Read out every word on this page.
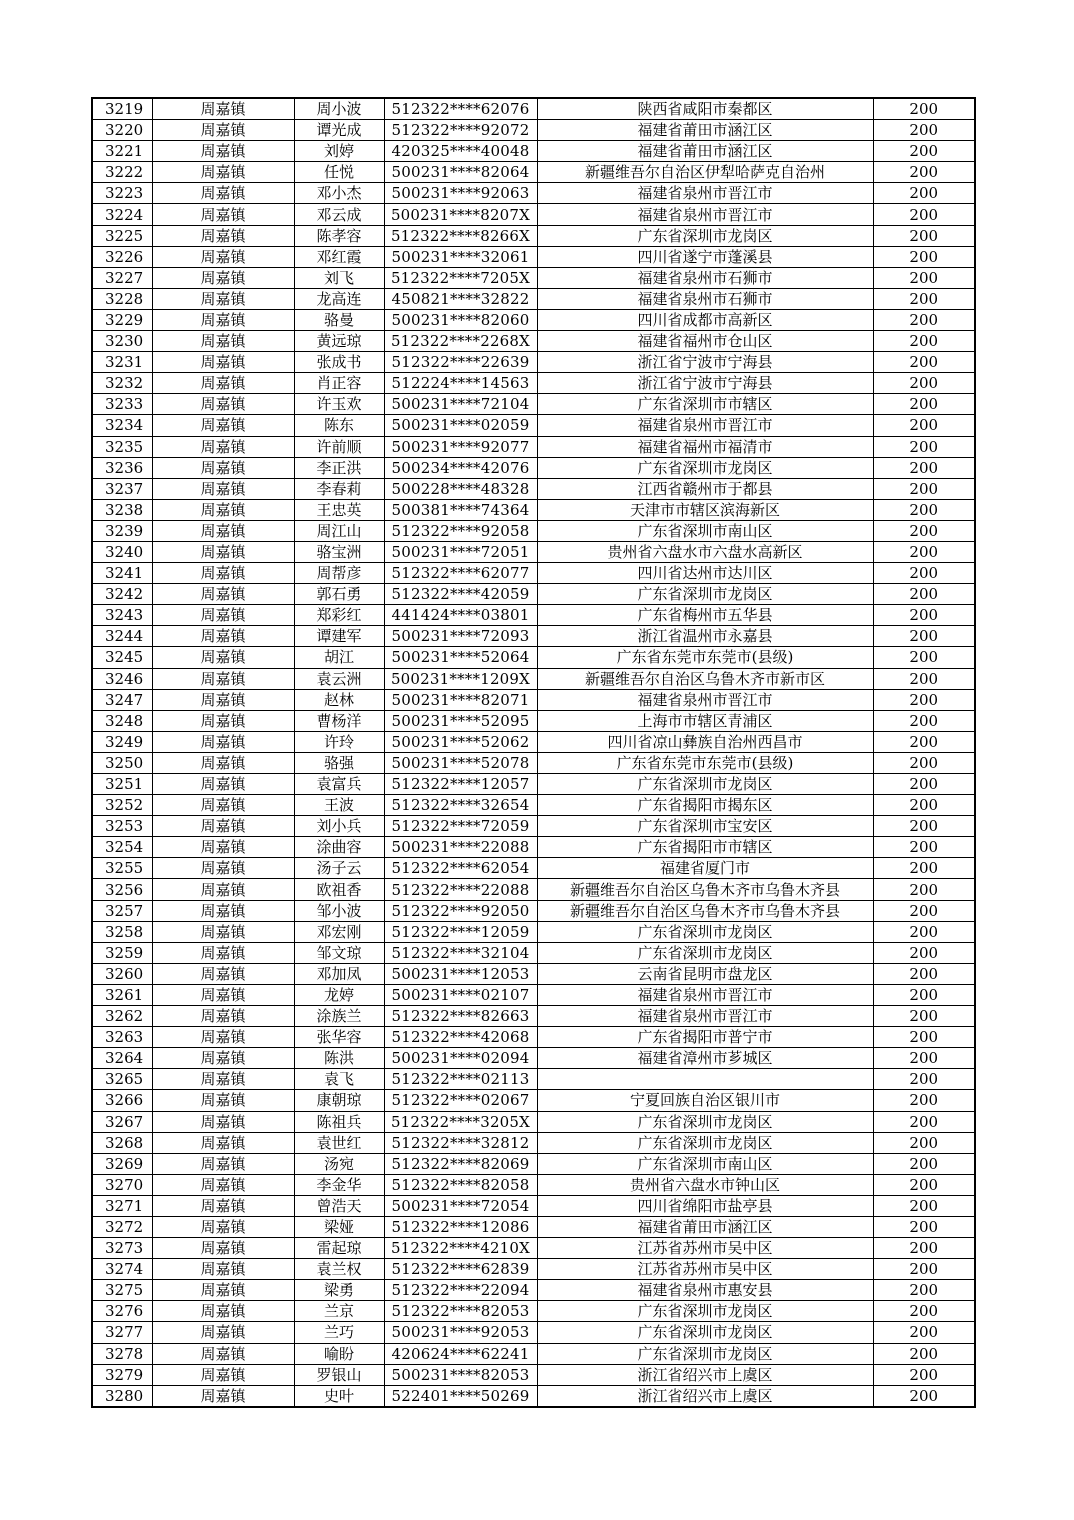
3219	周嘉镇	周小波	512322****62076	陕西省咸阳市秦都区	200
3220	周嘉镇	谭光成	512322****92072	福建省莆田市涵江区	200
3221	周嘉镇	刘婷	420325****40048	福建省莆田市涵江区	200
3222	周嘉镇	任悦	500231****82064	新疆维吾尔自治区伊犁哈萨克自治州	200
3223	周嘉镇	邓小杰	500231****92063	福建省泉州市晋江市	200
3224	周嘉镇	邓云成	500231****8207X	福建省泉州市晋江市	200
3225	周嘉镇	陈孝容	512322****8266X	广东省深圳市龙岗区	200
3226	周嘉镇	邓红霞	500231****32061	四川省遂宁市蓬溪县	200
3227	周嘉镇	刘飞	512322****7205X	福建省泉州市石狮市	200
3228	周嘉镇	龙高连	450821****32822	福建省泉州市石狮市	200
3229	周嘉镇	骆曼	500231****82060	四川省成都市高新区	200
3230	周嘉镇	黄远琼	512322****2268X	福建省福州市仓山区	200
3231	周嘉镇	张成书	512322****22639	浙江省宁波市宁海县	200
3232	周嘉镇	肖正容	512224****14563	浙江省宁波市宁海县	200
3233	周嘉镇	许玉欢	500231****72104	广东省深圳市市辖区	200
3234	周嘉镇	陈东	500231****02059	福建省泉州市晋江市	200
3235	周嘉镇	许前顺	500231****92077	福建省福州市福清市	200
3236	周嘉镇	李正洪	500234****42076	广东省深圳市龙岗区	200
3237	周嘉镇	李春莉	500228****48328	江西省赣州市于都县	200
3238	周嘉镇	王忠英	500381****74364	天津市市辖区滨海新区	200
3239	周嘉镇	周江山	512322****92058	广东省深圳市南山区	200
3240	周嘉镇	骆宝洲	500231****72051	贵州省六盘水市六盘水高新区	200
3241	周嘉镇	周帮彦	512322****62077	四川省达州市达川区	200
3242	周嘉镇	郭石勇	512322****42059	广东省深圳市龙岗区	200
3243	周嘉镇	郑彩红	441424****03801	广东省梅州市五华县	200
3244	周嘉镇	谭建军	500231****72093	浙江省温州市永嘉县	200
3245	周嘉镇	胡江	500231****52064	广东省东莞市东莞市(县级)	200
3246	周嘉镇	袁云洲	500231****1209X	新疆维吾尔自治区乌鲁木齐市新市区	200
3247	周嘉镇	赵林	500231****82071	福建省泉州市晋江市	200
3248	周嘉镇	曹杨洋	500231****52095	上海市市辖区青浦区	200
3249	周嘉镇	许玲	500231****52062	四川省凉山彝族自治州西昌市	200
3250	周嘉镇	骆强	500231****52078	广东省东莞市东莞市(县级)	200
3251	周嘉镇	袁富兵	512322****12057	广东省深圳市龙岗区	200
3252	周嘉镇	王波	512322****32654	广东省揭阳市揭东区	200
3253	周嘉镇	刘小兵	512322****72059	广东省深圳市宝安区	200
3254	周嘉镇	涂曲容	500231****22088	广东省揭阳市市辖区	200
3255	周嘉镇	汤子云	512322****62054	福建省厦门市	200
3256	周嘉镇	欧祖香	512322****22088	新疆维吾尔自治区乌鲁木齐市乌鲁木齐县	200
3257	周嘉镇	邹小波	512322****92050	新疆维吾尔自治区乌鲁木齐市乌鲁木齐县	200
3258	周嘉镇	邓宏刚	512322****12059	广东省深圳市龙岗区	200
3259	周嘉镇	邹文琼	512322****32104	广东省深圳市龙岗区	200
3260	周嘉镇	邓加凤	500231****12053	云南省昆明市盘龙区	200
3261	周嘉镇	龙婷	500231****02107	福建省泉州市晋江市	200
3262	周嘉镇	涂族兰	512322****82663	福建省泉州市晋江市	200
3263	周嘉镇	张华容	512322****42068	广东省揭阳市普宁市	200
3264	周嘉镇	陈洪	500231****02094	福建省漳州市芗城区	200
3265	周嘉镇	袁飞	512322****02113		200
3266	周嘉镇	康朝琼	512322****02067	宁夏回族自治区银川市	200
3267	周嘉镇	陈祖兵	512322****3205X	广东省深圳市龙岗区	200
3268	周嘉镇	袁世红	512322****32812	广东省深圳市龙岗区	200
3269	周嘉镇	汤宛	512322****82069	广东省深圳市南山区	200
3270	周嘉镇	李金华	512322****82058	贵州省六盘水市钟山区	200
3271	周嘉镇	曾浩天	500231****72054	四川省绵阳市盐亭县	200
3272	周嘉镇	梁娅	512322****12086	福建省莆田市涵江区	200
3273	周嘉镇	雷起琼	512322****4210X	江苏省苏州市吴中区	200
3274	周嘉镇	袁兰权	512322****62839	江苏省苏州市吴中区	200
3275	周嘉镇	梁勇	512322****22094	福建省泉州市惠安县	200
3276	周嘉镇	兰京	512322****82053	广东省深圳市龙岗区	200
3277	周嘉镇	兰巧	500231****92053	广东省深圳市龙岗区	200
3278	周嘉镇	喻盼	420624****62241	广东省深圳市龙岗区	200
3279	周嘉镇	罗银山	500231****82053	浙江省绍兴市上虞区	200
3280	周嘉镇	史叶	522401****50269	浙江省绍兴市上虞区	200
